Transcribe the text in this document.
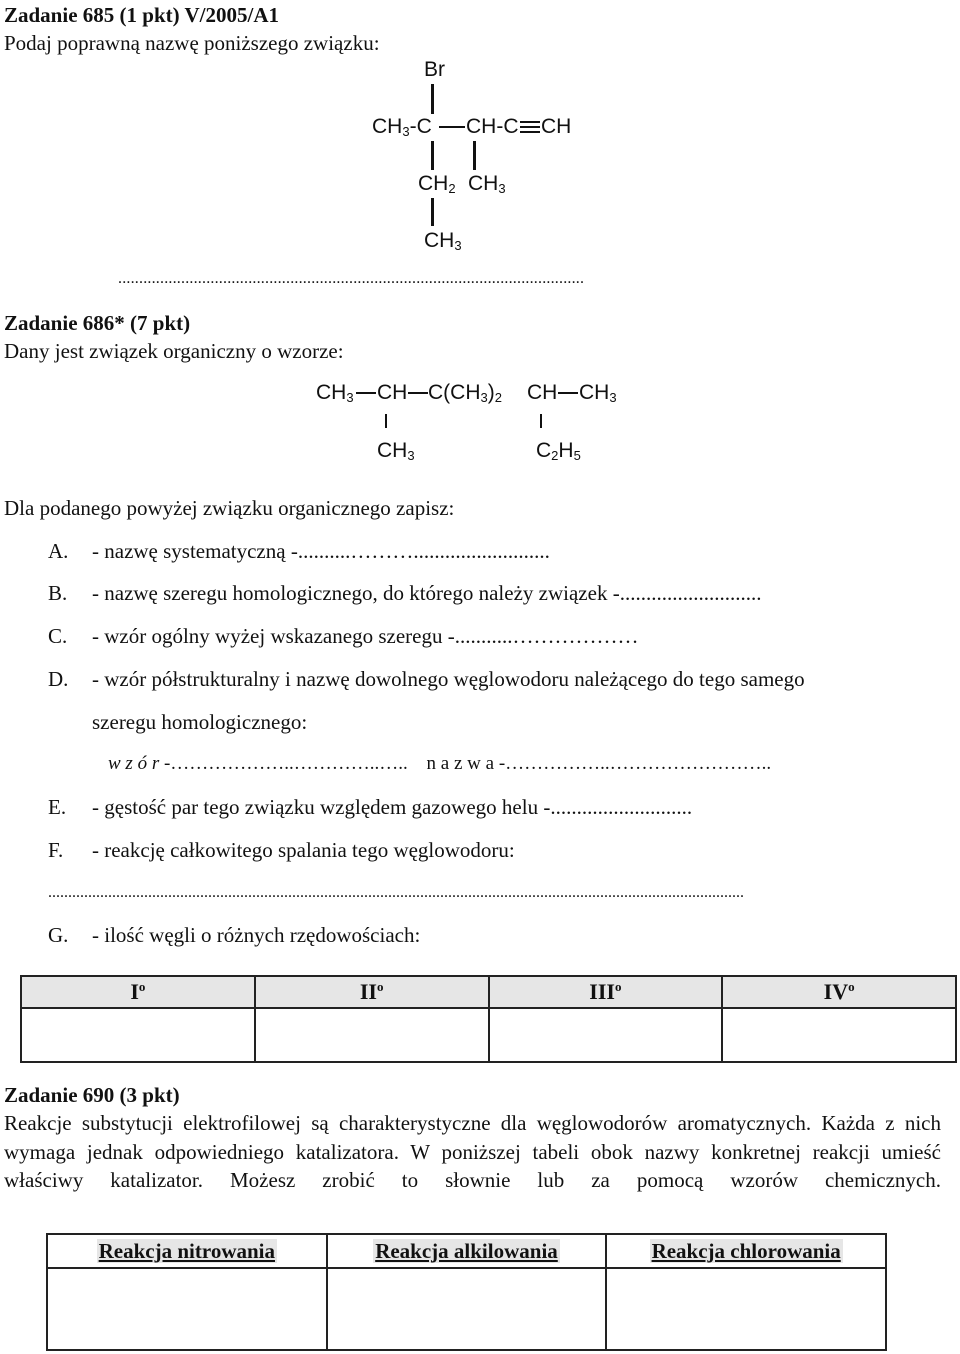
Zadanie 685 (1 pkt) V/2005/A1
Podaj poprawną nazwę poniższego związku:
Br
$CH_3-C$ CH-C CH
$CH_2$ $CH_3$
$CH_3$
...............................................................................................................
Zadanie 686* (7 pkt)
Dany jest związek organiczny o wzorze:
$CH_3$ CH $C(CH_3)_2$ CH $CH_3$
$CH_3$	$C_2H_5$
Dla podanego powyżej związku organicznego zapisz:
A. - nazwę systematyczną -..........………..........................
B. - nazwę szeregu homologicznego, do którego należy związek -...........................
C. - wzór ogólny wyżej wskazanego szeregu -...........………………
D. - wzór półstrukturalny i nazwę dowolnego węglowodoru należącego do tego samego
szeregu homologicznego:
w z ó r -………………..…………..….. n a z w a -……………..……………………..
E. - gęstość par tego związku względem gazowego helu -...........................
F. - reakcję całkowitego spalania tego węglowodoru:
..............................................................................................................................................................................
G. - ilość węgli o różnych rzędowościach:
$I^o$	$II^o$	III$^o$	$IV^o$

Zadanie 690 (3 pkt)
Reakcje substytucji elektrofilowej są charakterystyczne dla węglowodorów aromatycznych. Każda z nich wymaga jednak odpowiedniego katalizatora. W poniższej tabeli obok nazwy konkretnej reakcji umieść właściwy katalizator. Możesz zrobić to słownie lub za pomocą wzorów chemicznych.
Reakcja nitrowania	Reakcja alkilowania	Reakcja chlorowania
